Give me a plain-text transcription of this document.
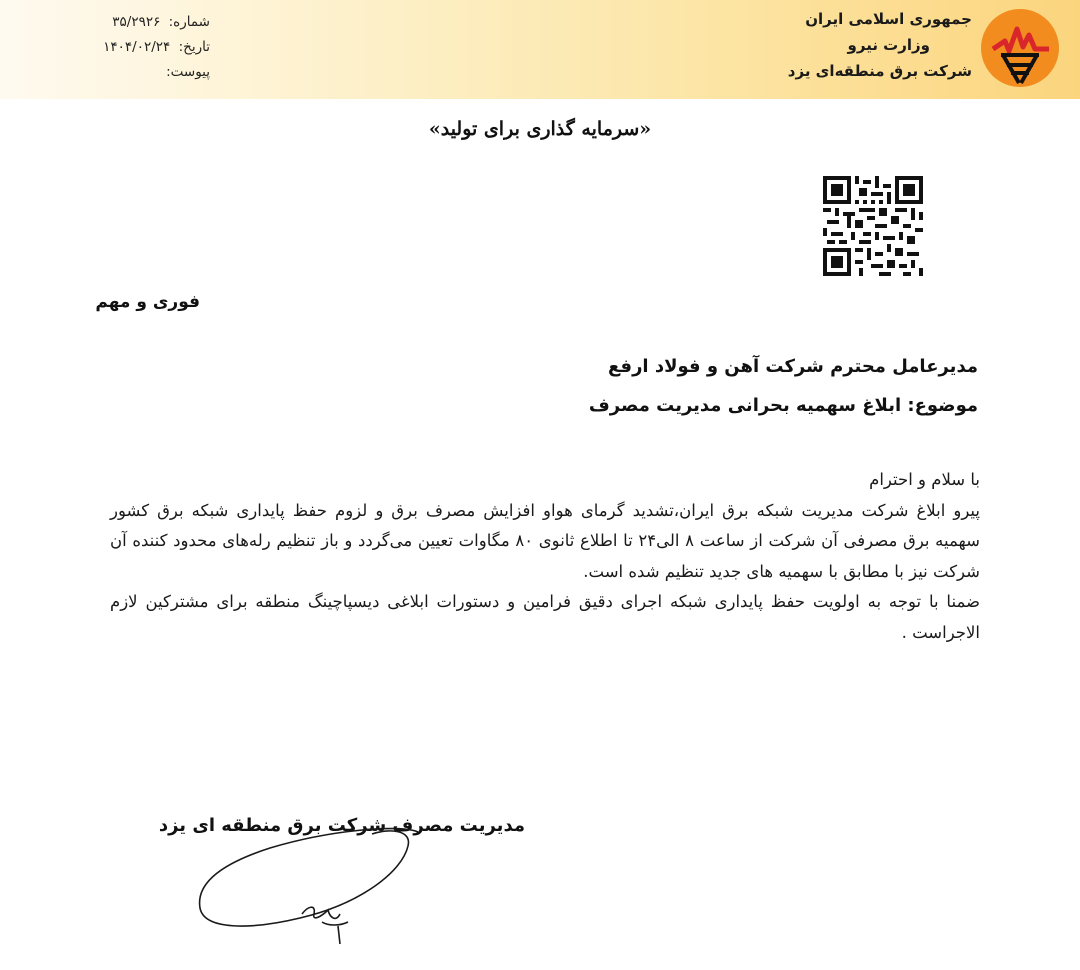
جمهوری اسلامی ایران
وزارت نیرو
شرکت برق منطقه‌ای یزد
شماره: ۳۵/۲۹۲۶
تاریخ: ۱۴۰۴/۰۲/۲۴
پیوست:
«سرمایه گذاری برای تولید»
فوری و مهم
مدیرعامل محترم شرکت آهن و فولاد ارفع
موضوع: ابلاغ سهمیه بحرانی مدیریت مصرف

با سلام و احترام

پیرو ابلاغ شرکت مدیریت شبکه برق ایران،تشدید گرمای هواو افزایش مصرف برق و لزوم حفظ پایداری شبکه برق کشور سهمیه برق مصرفی آن شرکت از ساعت ۸ الی۲۴ تا اطلاع ثانوی ۸۰ مگاوات تعیین می‌گردد و باز تنظیم رله‌های محدود کننده آن شرکت نیز با مطابق با سهمیه های جدید تنظیم شده است.

ضمنا با توجه به اولویت حفظ پایداری شبکه اجرای دقیق فرامین و دستورات ابلاغی دیسپاچینگ منطقه برای مشترکین لازم الاجراست .

مدیریت مصرف شرکت برق منطقه ای یزد
